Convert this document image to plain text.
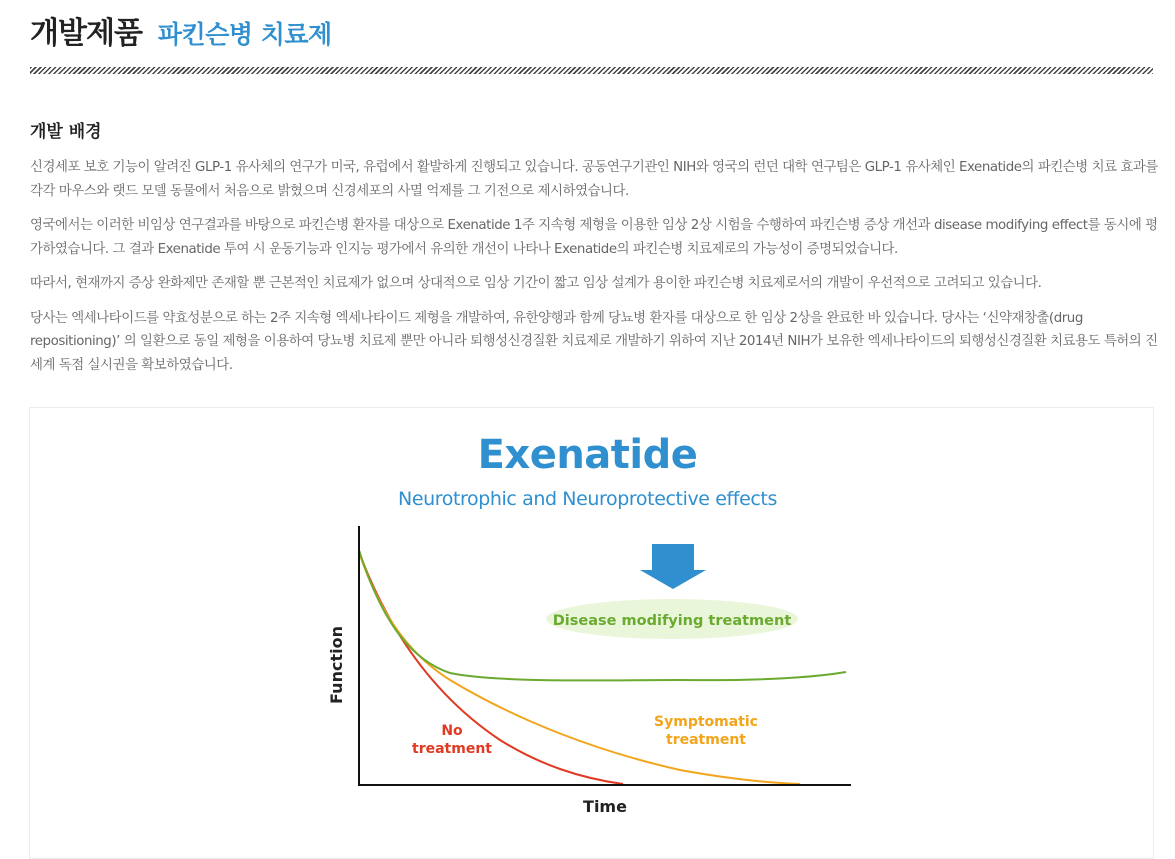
개발제품 파킨슨병 치료제
개발 배경

신경세포 보호 기능이 알려진 GLP-1 유사체의 연구가 미국, 유럽에서 활발하게 진행되고 있습니다. 공동연구기관인 NIH와 영국의 런던 대학 연구팀은 GLP-1 유사체인 Exenatide의 파킨슨병 치료 효과를 각각 마우스와 랫드 모델 동물에서 처음으로 밝혔으며 신경세포의 사멸 억제를 그 기전으로 제시하였습니다.

영국에서는 이러한 비임상 연구결과를 바탕으로 파킨슨병 환자를 대상으로 Exenatide 1주 지속형 제형을 이용한 임상 2상 시험을 수행하여 파킨슨병 증상 개선과 disease modifying effect를 동시에 평가하였습니다. 그 결과 Exenatide 투여 시 운동기능과 인지능 평가에서 유의한 개선이 나타나 Exenatide의 파킨슨병 치료제로의 가능성이 증명되었습니다.

따라서, 현재까지 증상 완화제만 존재할 뿐 근본적인 치료제가 없으며 상대적으로 임상 기간이 짧고 임상 설계가 용이한 파킨슨병 치료제로서의 개발이 우선적으로 고려되고 있습니다.

당사는 엑세나타이드를 약효성분으로 하는 2주 지속형 엑세나타이드 제형을 개발하여, 유한양행과 함께 당뇨병 환자를 대상으로 한 임상 2상을 완료한 바 있습니다. 당사는 ‘신약재창출(drug repositioning)’ 의 일환으로 동일 제형을 이용하여 당뇨병 치료제 뿐만 아니라 퇴행성신경질환 치료제로 개발하기 위하여 지난 2014년 NIH가 보유한 엑세나타이드의 퇴행성신경질환 치료용도 특허의 진 세계 독점 실시권을 확보하였습니다.

Exenatide
Neurotrophic and Neuroprotective effects
Disease modifying treatment
No
treatment
Symptomatic
treatment
Time
Function
